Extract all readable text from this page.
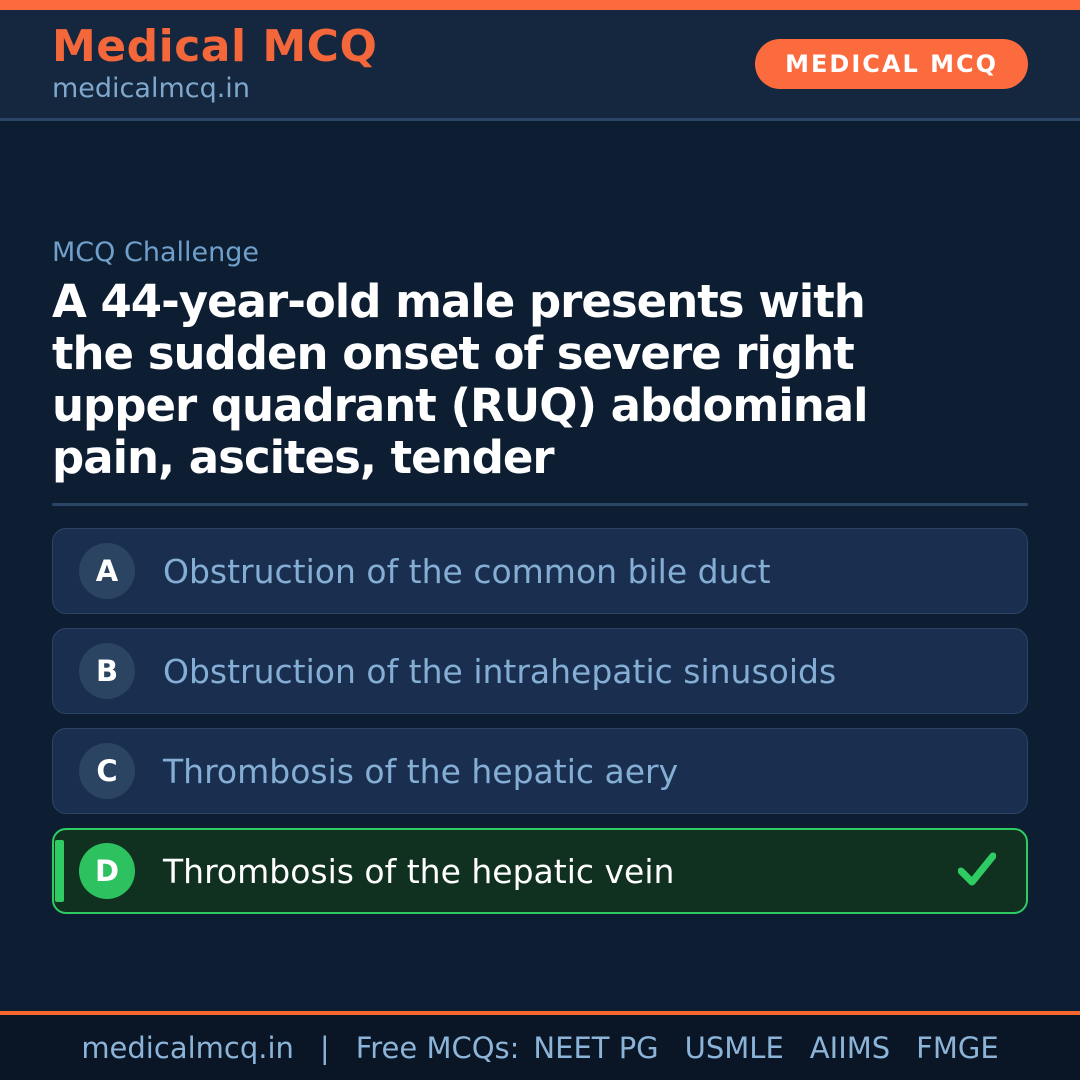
Medical MCQ
medicalmcq.in
MEDICAL MCQ
MCQ Challenge
A 44-year-old male presents with
the sudden onset of severe right
upper quadrant (RUQ) abdominal
pain, ascites, tender
A	Obstruction of the common bile duct
B	Obstruction of the intrahepatic sinusoids
C	Thrombosis of the hepatic aery
D	Thrombosis of the hepatic vein
medicalmcq.in | Free MCQs: NEET PG USMLE AIIMS FMGE
